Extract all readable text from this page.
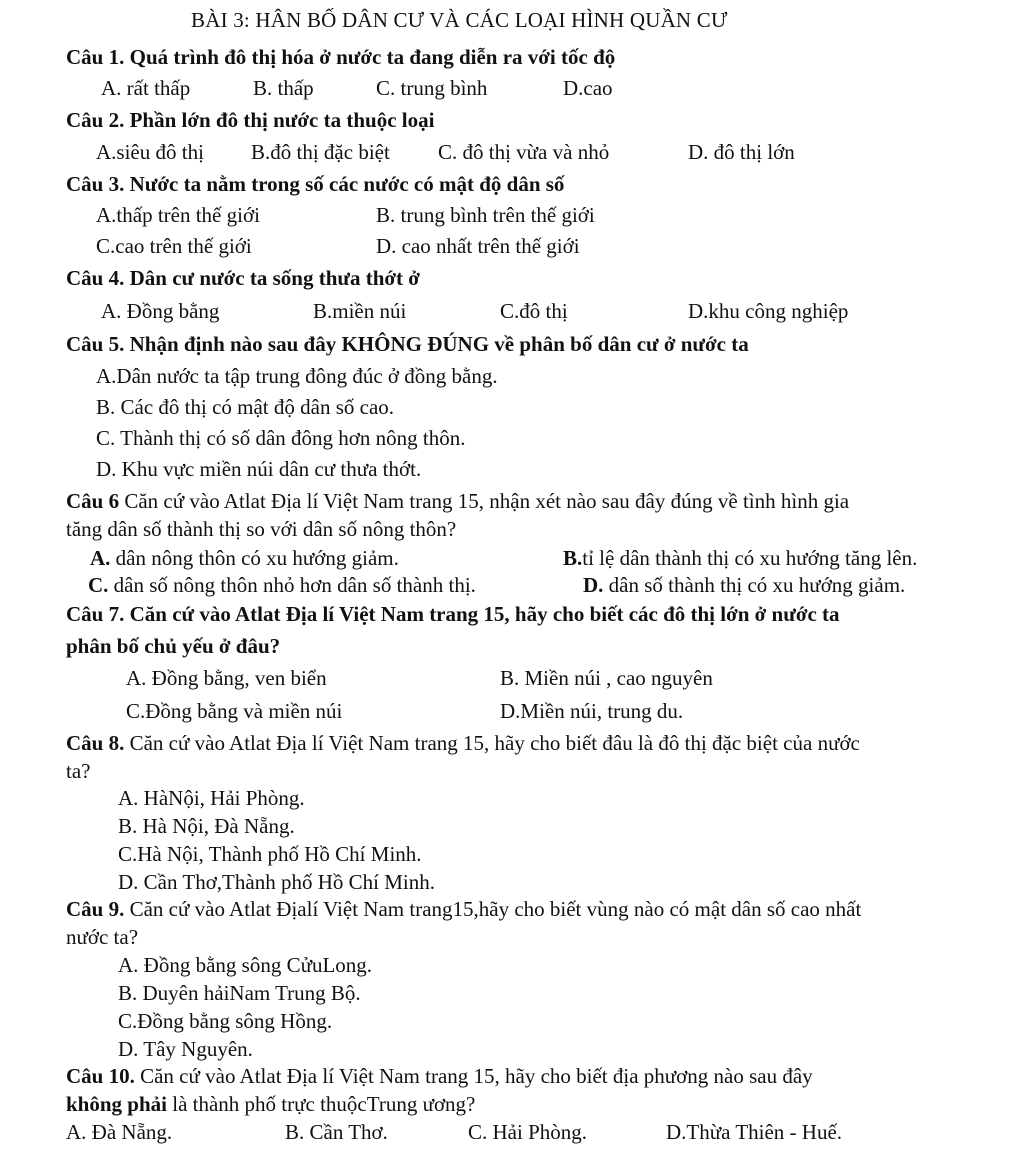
BÀI 3: HÂN BỐ DÂN CƯ VÀ CÁC LOẠI HÌNH QUẦN CƯ
Câu 1. Quá trình đô thị hóa ở nước ta đang diễn ra với tốc độ
A. rất thấp	B. thấp	C. trung bình	D.cao
Câu 2. Phần lớn đô thị nước ta thuộc loại
A.siêu đô thị B.đô thị đặc biệt C. đô thị vừa và nhỏ	D. đô thị lớn
Câu 3. Nước ta nằm trong số các nước có mật độ dân số
A.thấp trên thế giới	B. trung bình trên thế giới
C.cao trên thế giới	D. cao nhất trên thế giới
Câu 4. Dân cư nước ta sống thưa thớt ở
A. Đồng bằng	B.miền núi	C.đô thị	D.khu công nghiệp
Câu 5. Nhận định nào sau đây KHÔNG ĐÚNG về phân bố dân cư ở nước ta
A.Dân nước ta tập trung đông đúc ở đồng bằng.
B. Các đô thị có mật độ dân số cao.
C. Thành thị có số dân đông hơn nông thôn.
D. Khu vực miền núi dân cư thưa thớt.
Câu 6 Căn cứ vào Atlat Địa lí Việt Nam trang 15, nhận xét nào sau đây đúng về tình hình gia
tăng dân số thành thị so với dân số nông thôn?
A. dân nông thôn có xu hướng giảm.	B.tỉ lệ dân thành thị có xu hướng tăng lên.
C. dân số nông thôn nhỏ hơn dân số thành thị.	D. dân số thành thị có xu hướng giảm.
Câu 7. Căn cứ vào Atlat Địa lí Việt Nam trang 15, hãy cho biết các đô thị lớn ở nước ta
phân bố chủ yếu ở đâu?
A. Đồng bằng, ven biển	B. Miền núi , cao nguyên
C.Đồng bằng và miền núi	D.Miền núi, trung du.
Câu 8. Căn cứ vào Atlat Địa lí Việt Nam trang 15, hãy cho biết đâu là đô thị đặc biệt của nước
ta?
A. HàNội, Hải Phòng.
B. Hà Nội, Đà Nẵng.
C.Hà Nội, Thành phố Hồ Chí Minh.
D. Cần Thơ,Thành phố Hồ Chí Minh.
Câu 9. Căn cứ vào Atlat Địalí Việt Nam trang15,hãy cho biết vùng nào có mật dân số cao nhất
nước ta?
A. Đồng bằng sông CửuLong.
B. Duyên hảiNam Trung Bộ.
C.Đồng bằng sông Hồng.
D. Tây Nguyên.
Câu 10. Căn cứ vào Atlat Địa lí Việt Nam trang 15, hãy cho biết địa phương nào sau đây
không phải là thành phố trực thuộcTrung ương?
A. Đà Nẵng.	B. Cần Thơ.	C. Hải Phòng.	D.Thừa Thiên - Huế.
